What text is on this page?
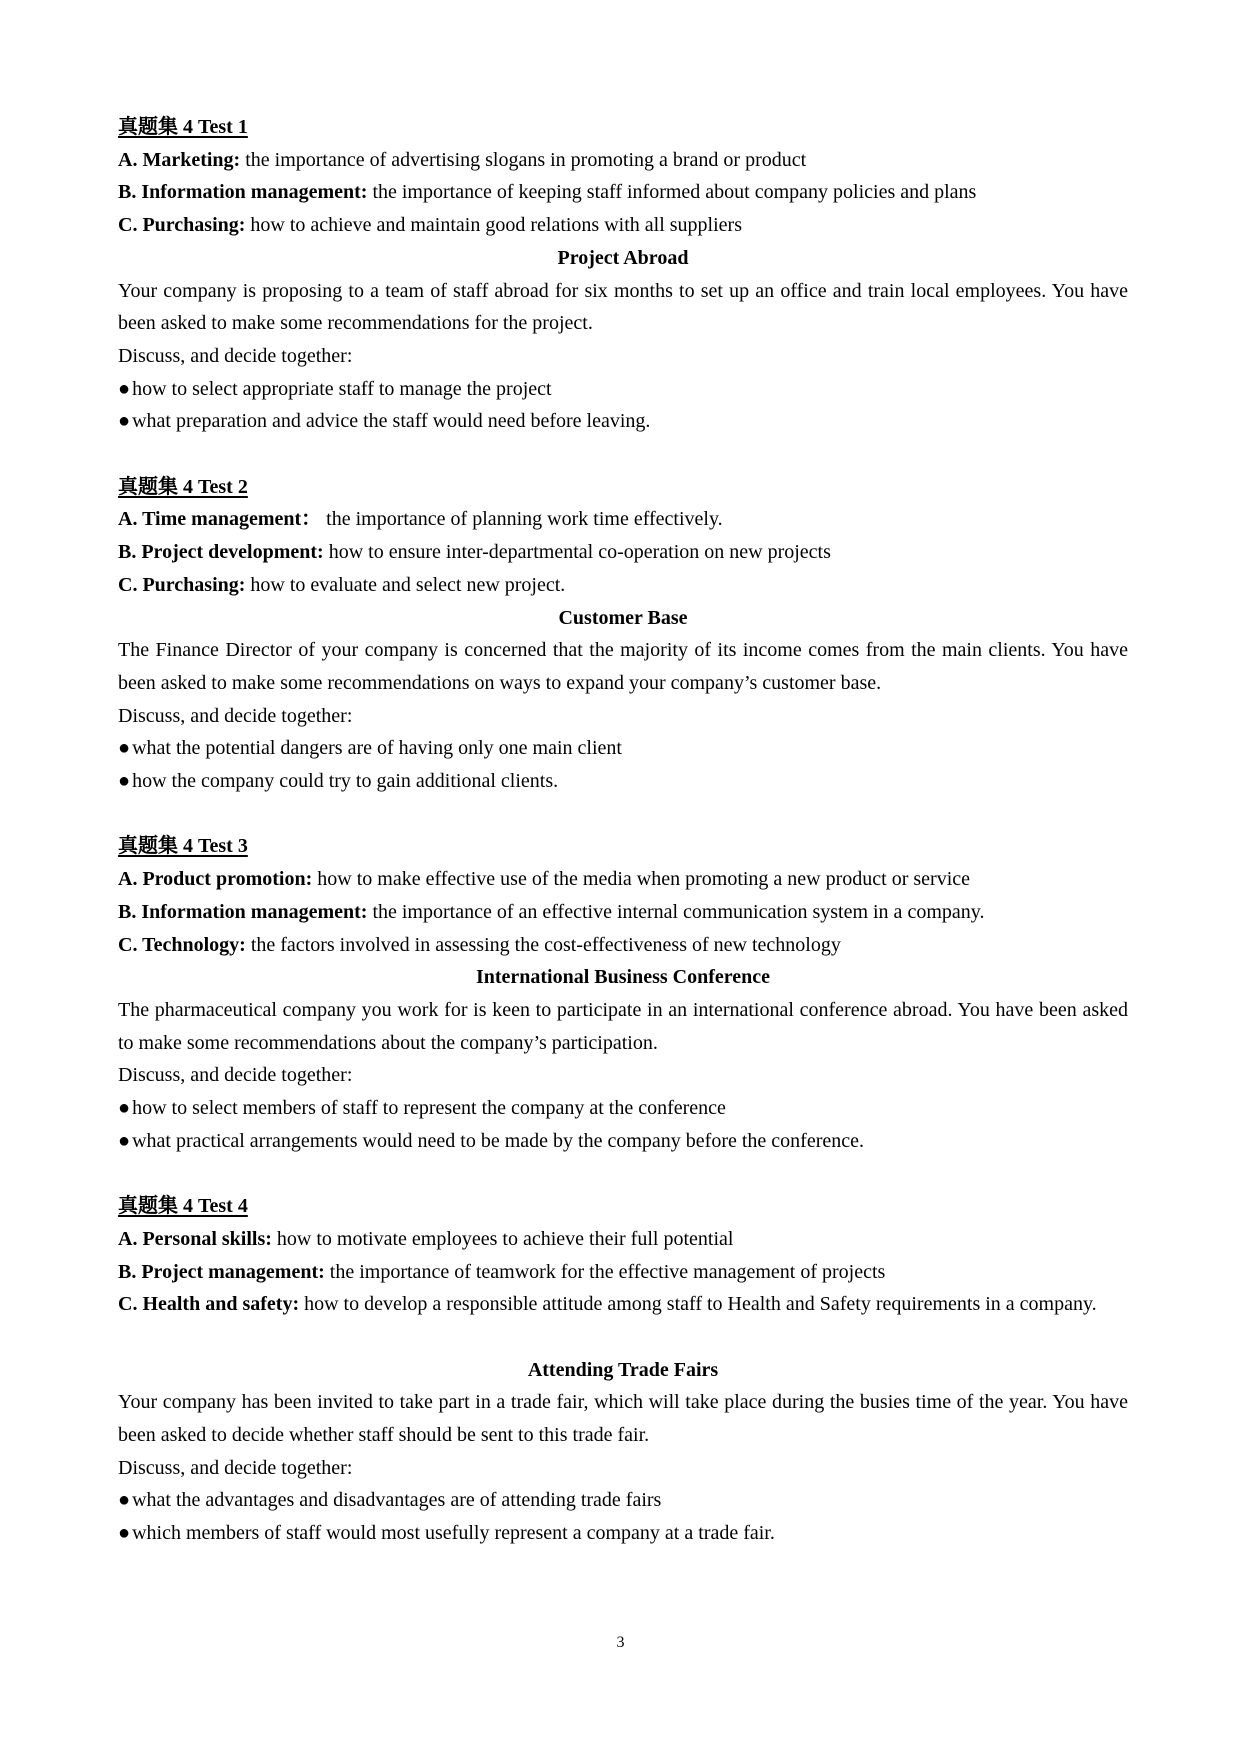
真题集 4 Test 1
A. Marketing: the importance of advertising slogans in promoting a brand or product
B. Information management: the importance of keeping staff informed about company policies and plans
C. Purchasing: how to achieve and maintain good relations with all suppliers
Project Abroad
Your company is proposing to a team of staff abroad for six months to set up an office and train local employees. You have been asked to make some recommendations for the project.
Discuss, and decide together:
● how to select appropriate staff to manage the project
● what preparation and advice the staff would need before leaving.
真题集 4 Test 2
A. Time management： the importance of planning work time effectively.
B. Project development: how to ensure inter-departmental co-operation on new projects
C. Purchasing: how to evaluate and select new project.
Customer Base
The Finance Director of your company is concerned that the majority of its income comes from the main clients. You have been asked to make some recommendations on ways to expand your company’s customer base.
Discuss, and decide together:
● what the potential dangers are of having only one main client
● how the company could try to gain additional clients.
真题集 4 Test 3
A. Product promotion: how to make effective use of the media when promoting a new product or service
B. Information management: the importance of an effective internal communication system in a company.
C. Technology: the factors involved in assessing the cost-effectiveness of new technology
International Business Conference
The pharmaceutical company you work for is keen to participate in an international conference abroad. You have been asked to make some recommendations about the company’s participation.
Discuss, and decide together:
● how to select members of staff to represent the company at the conference
● what practical arrangements would need to be made by the company before the conference.
真题集 4 Test 4
A. Personal skills: how to motivate employees to achieve their full potential
B. Project management: the importance of teamwork for the effective management of projects
C. Health and safety: how to develop a responsible attitude among staff to Health and Safety requirements in a company.
Attending Trade Fairs
Your company has been invited to take part in a trade fair, which will take place during the busies time of the year. You have been asked to decide whether staff should be sent to this trade fair.
Discuss, and decide together:
● what the advantages and disadvantages are of attending trade fairs
● which members of staff would most usefully represent a company at a trade fair.
3
